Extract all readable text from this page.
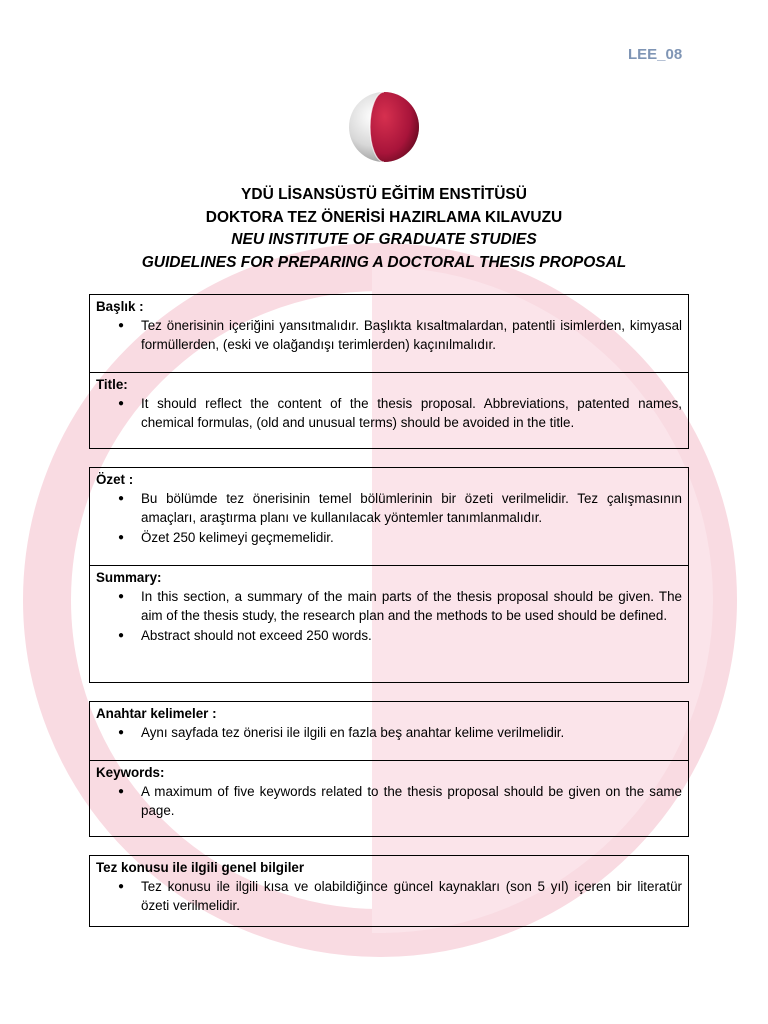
LEE_08
YDÜ LİSANSÜSTÜ EĞİTİM ENSTİTÜSÜ
DOKTORA TEZ ÖNERİSİ HAZIRLAMA KILAVUZU
NEU INSTITUTE OF GRADUATE STUDIES
GUIDELINES FOR PREPARING A DOCTORAL THESIS PROPOSAL
Başlık :
● Tez önerisinin içeriğini yansıtmalıdır. Başlıkta kısaltmalardan, patentli isimlerden, kimyasal formüllerden, (eski ve olağandışı terimlerden) kaçınılmalıdır.
Title:
● It should reflect the content of the thesis proposal. Abbreviations, patented names, chemical formulas, (old and unusual terms) should be avoided in the title.
Özet :
● Bu bölümde tez önerisinin temel bölümlerinin bir özeti verilmelidir. Tez çalışmasının amaçları, araştırma planı ve kullanılacak yöntemler tanımlanmalıdır.
● Özet 250 kelimeyi geçmemelidir.
Summary:
● In this section, a summary of the main parts of the thesis proposal should be given. The aim of the thesis study, the research plan and the methods to be used should be defined.
● Abstract should not exceed 250 words.
Anahtar kelimeler :
● Aynı sayfada tez önerisi ile ilgili en fazla beş anahtar kelime verilmelidir.
Keywords:
● A maximum of five keywords related to the thesis proposal should be given on the same page.
Tez konusu ile ilgili genel bilgiler
● Tez konusu ile ilgili kısa ve olabildiğince güncel kaynakları (son 5 yıl) içeren bir literatür özeti verilmelidir.
